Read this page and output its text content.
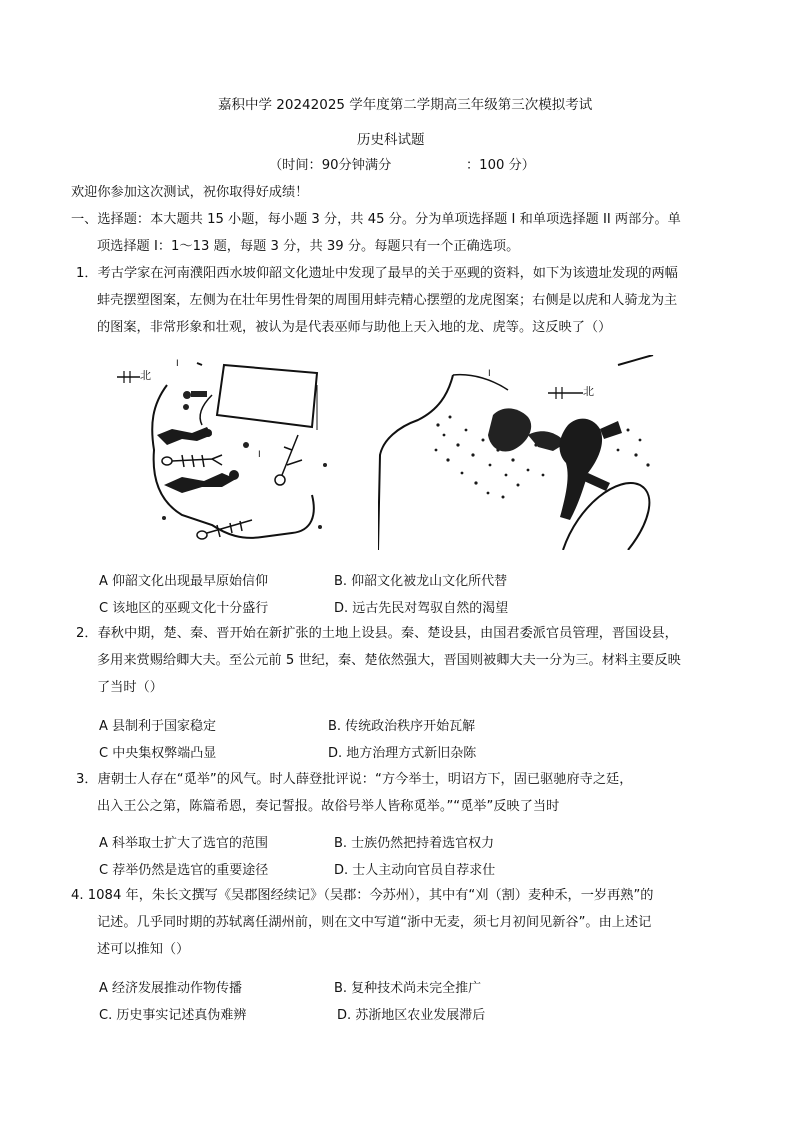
嘉积中学 20242025 学年度第二学期高三年级第三次模拟考试
历史科试题
（时间：90分钟满分	：100 分）
欢迎你参加这次测试，祝你取得好成绩！
一、选择题：本大题共 15 小题，每小题 3 分，共 45 分。分为单项选择题 I 和单项选择题 II 两部分。单
项选择题 I：1～13 题，每题 3 分，共 39 分。每题只有一个正确选项。
1．考古学家在河南濮阳西水坡仰韶文化遗址中发现了最早的关于巫觋的资料，如下为该遗址发现的两幅
蚌壳摆塑图案，左侧为在壮年男性骨架的周围用蚌壳精心摆塑的龙虎图案；右侧是以虎和人骑龙为主
的图案，非常形象和壮观，被认为是代表巫师与助他上天入地的龙、虎等。这反映了（）
北
I
I
I
北
A 仰韶文化出现最早原始信仰	B. 仰韶文化被龙山文化所代替
C 该地区的巫觋文化十分盛行	D. 远古先民对驾驭自然的渴望
2．春秋中期，楚、秦、晋开始在新扩张的土地上设县。秦、楚设县，由国君委派官员管理，晋国设县，
多用来赏赐给卿大夫。至公元前 5 世纪，秦、楚依然强大，晋国则被卿大夫一分为三。材料主要反映
了当时（）
A 县制利于国家稳定	B. 传统政治秩序开始瓦解
C 中央集权弊端凸显	D. 地方治理方式新旧杂陈
3．唐朝士人存在“觅举”的风气。时人薛登批评说：“方今举士，明诏方下，固已驱驰府寺之廷，
出入王公之第，陈篇希恩，奏记誓报。故俗号举人皆称觅举。”“觅举”反映了当时
A 科举取士扩大了选官的范围	B. 士族仍然把持着选官权力
C 荐举仍然是选官的重要途径	D. 士人主动向官员自荐求仕
4. 1084 年，朱长文撰写《吴郡图经续记》（吴郡：今苏州），其中有“刈（割）麦种禾，一岁再熟”的
记述。几乎同时期的苏轼离任湖州前，则在文中写道“浙中无麦，须七月初间见新谷”。由上述记
述可以推知（）
A 经济发展推动作物传播	B. 复种技术尚未完全推广
C. 历史事实记述真伪难辨	D. 苏浙地区农业发展滞后
